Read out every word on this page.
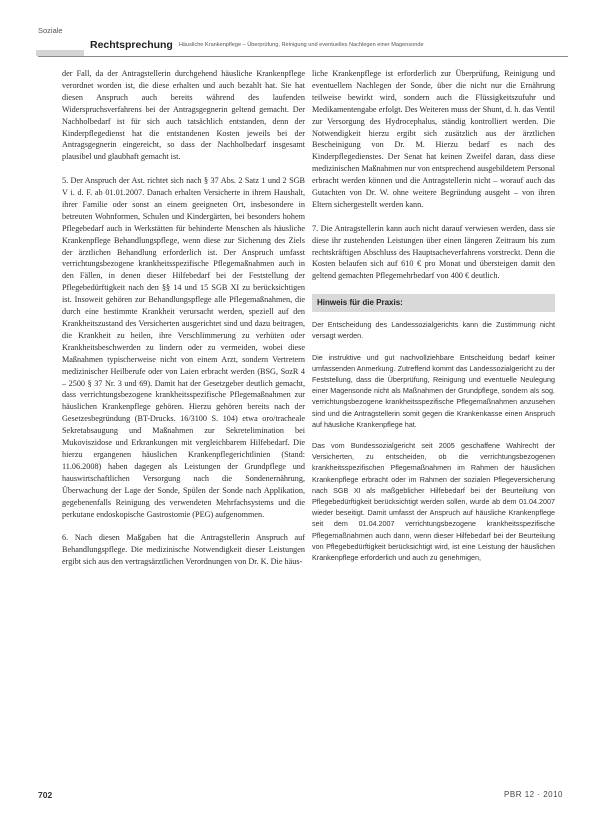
Soziale
Rechtsprechung Häusliche Krankenpflege – Überprüfung, Reinigung und eventuelles Nachlegen einer Magensonde

der Fall, da der Antragstellerin durchgehend häusliche Krankenpflege verordnet worden ist, die diese erhalten und auch bezahlt hat. Sie hat diesen Anspruch auch bereits während des laufenden Widerspruchsverfahrens bei der Antragsgegnerin geltend gemacht. Der Nachholbedarf ist für sich auch tatsächlich entstanden, denn der Kinderpflegedienst hat die entstandenen Kosten jeweils bei der Antragsgegnerin eingereicht, so dass der Nachholbedarf insgesamt plausibel und glaubhaft gemacht ist.

5. Der Anspruch der Ast. richtet sich nach § 37 Abs. 2 Satz 1 und 2 SGB V i. d. F. ab 01.01.2007. Danach erhalten Versicherte in ihrem Haushalt, ihrer Familie oder sonst an einem geeigneten Ort, insbesondere in betreuten Wohnformen, Schulen und Kindergärten, bei besonders hohem Pflegebedarf auch in Werkstätten für behinderte Menschen als häusliche Krankenpflege Behandlungspflege, wenn diese zur Sicherung des Ziels der ärztlichen Behandlung erforderlich ist. Der Anspruch umfasst verrichtungsbezogene krankheitsspezifische Pflegemaßnahmen auch in den Fällen, in denen dieser Hilfebedarf bei der Feststellung der Pflegebedürftigkeit nach den §§ 14 und 15 SGB XI zu berücksichtigen ist. Insoweit gehören zur Behandlungspflege alle Pflegemaßnahmen, die durch eine bestimmte Krankheit verursacht werden, speziell auf den Krankheitszustand des Versicherten ausgerichtet sind und dazu beitragen, die Krankheit zu heilen, ihre Verschlimmerung zu verhüten oder Krankheitsbeschwerden zu lindern oder zu vermeiden, wobei diese Maßnahmen typischerweise nicht von einem Arzt, sondern Vertretern medizinischer Heilberufe oder von Laien erbracht werden (BSG, SozR 4 – 2500 § 37 Nr. 3 und 69). Damit hat der Gesetzgeber deutlich gemacht, dass verrichtungsbezogene krankheitsspezifische Pflegemaßnahmen zur häuslichen Krankenpflege gehören. Hierzu gehören bereits nach der Gesetzesbegründung (BT-Drucks. 16/3100 S. 104) etwa oro/tracheale Sekretabsaugung und Maßnahmen zur Sekretelimination bei Mukoviszidose und Erkrankungen mit vergleichbarem Hilfebedarf. Die hierzu ergangenen häuslichen Krankenpflegerichtlinien (Stand: 11.06.2008) haben dagegen als Leistungen der Grundpflege und hauswirtschaftlichen Versorgung nach die Sondenernährung, Überwachung der Lage der Sonde, Spülen der Sonde nach Applikation, gegebenenfalls Reinigung des verwendeten Mehrfachsystems und die perkutane endoskopische Gastrostomie (PEG) aufgenommen.

6. Nach diesen Maßgaben hat die Antragstellerin Anspruch auf Behandlungspflege. Die medizinische Notwendigkeit dieser Leistungen ergibt sich aus den vertragsärztlichen Verordnungen von Dr. K. Die häus-

liche Krankenpflege ist erforderlich zur Überprüfung, Reinigung und eventuellem Nachlegen der Sonde, über die nicht nur die Ernährung teilweise bewirkt wird, sondern auch die Flüssigkeitszufuhr und Medikamentengabe erfolgt. Des Weiteren muss der Shunt, d. h. das Ventil zur Versorgung des Hydrocephalus, ständig kontrolliert werden. Die Notwendigkeit hierzu ergibt sich zusätzlich aus der ärztlichen Bescheinigung von Dr. M. Hierzu bedarf es nach des Kinderpflegedienstes. Der Senat hat keinen Zweifel daran, dass diese medizinischen Maßnahmen nur von entsprechend ausgebildetem Personal erbracht werden können und die Antragstellerin nicht – worauf auch das Gutachten von Dr. W. ohne weitere Begründung ausgeht – von ihren Eltern sichergestellt werden kann.

7. Die Antragstellerin kann auch nicht darauf verwiesen werden, dass sie diese ihr zustehenden Leistungen über einen längeren Zeitraum bis zum rechtskräftigen Abschluss des Hauptsacheverfahrens vorstreckt. Denn die Kosten belaufen sich auf 610 € pro Monat und übersteigen damit den geltend gemachten Pflegemehrbedarf von 400 € deutlich.

Hinweis für die Praxis:

Der Entscheidung des Landessozialgerichts kann die Zustimmung nicht versagt werden.

Die instruktive und gut nachvollziehbare Entscheidung bedarf keiner umfassenden Anmerkung. Zutreffend kommt das Landessozialgericht zu der Feststellung, dass die Überprüfung, Reinigung und eventuelle Neulegung einer Magensonde nicht als Maßnahmen der Grundpflege, sondern als sog. verrichtungsbezogene krankheitsspezifische Pflegemaßnahmen anzusehen sind und die Antragstellerin somit gegen die Krankenkasse einen Anspruch auf häusliche Krankenpflege hat.

Das vom Bundessozialgericht seit 2005 geschaffene Wahlrecht der Versicherten, zu entscheiden, ob die verrichtungsbezogenen krankheitsspezifischen Pflegemaßnahmen im Rahmen der häuslichen Krankenpflege erbracht oder im Rahmen der sozialen Pflegeversicherung nach SGB XI als maßgeblicher Hilfebedarf bei der Beurteilung von Pflegebedürftigkeit berücksichtigt werden sollen, wurde ab dem 01.04.2007 wieder beseitigt. Damit umfasst der Anspruch auf häusliche Krankenpflege seit dem 01.04.2007 verrichtungsbezogene krankheitsspezifische Pflegemaßnahmen auch dann, wenn dieser Hilfebedarf bei der Beurteilung von Pflegebedürftigkeit berücksichtigt wird, ist eine Leistung der häuslichen Krankenpflege erforderlich und auch zu genehmigen,

702	PBR 12 · 2010
